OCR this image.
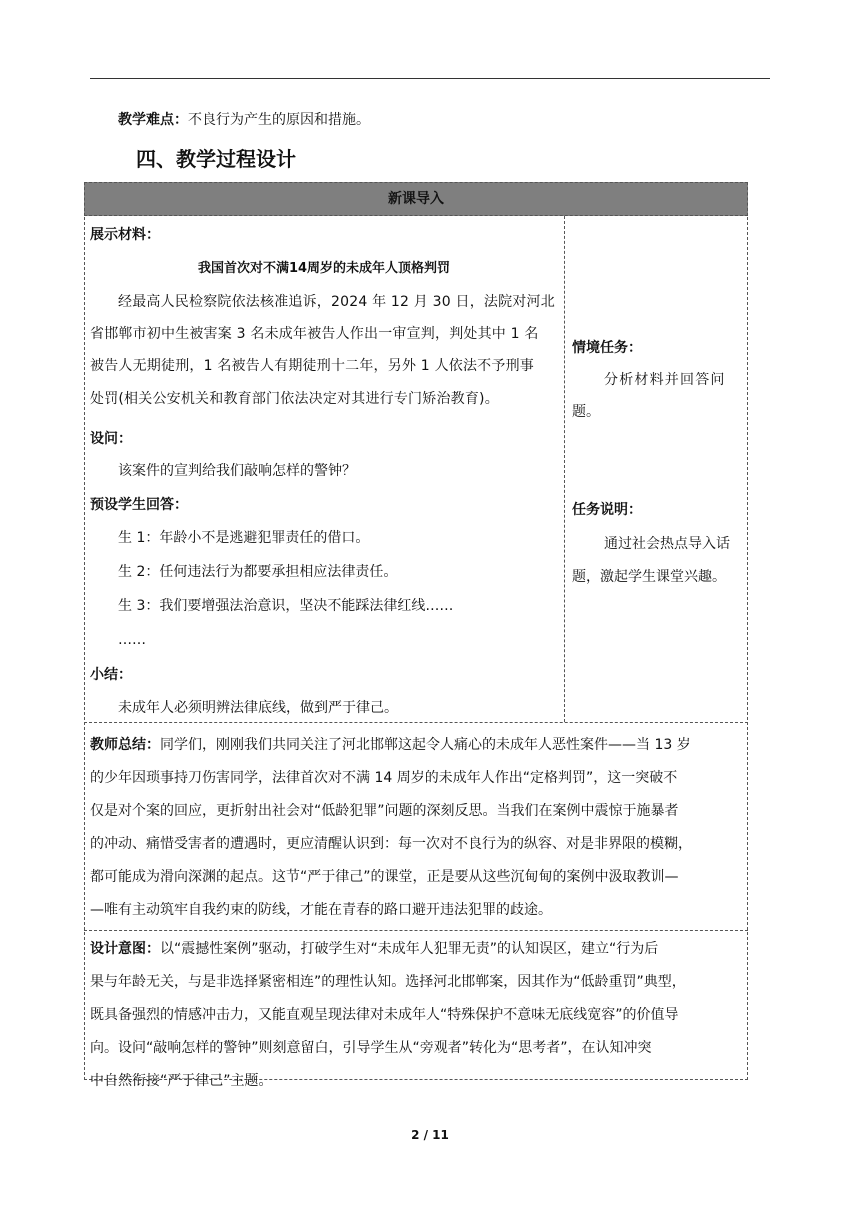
教学难点：不良行为产生的原因和措施。
四、教学过程设计
新课导入
展示材料：
我国首次对不满14周岁的未成年人顶格判罚
经最高人民检察院依法核准追诉，2024 年 12 月 30 日，法院对河北
省邯郸市初中生被害案 3 名未成年被告人作出一审宣判，判处其中 1 名
被告人无期徒刑，1 名被告人有期徒刑十二年，另外 1 人依法不予刑事
处罚(相关公安机关和教育部门依法决定对其进行专门矫治教育)。
设问：
该案件的宣判给我们敲响怎样的警钟？
预设学生回答：
生 1：年龄小不是逃避犯罪责任的借口。
生 2：任何违法行为都要承担相应法律责任。
生 3：我们要增强法治意识，坚决不能踩法律红线……
……
小结：
未成年人必须明辨法律底线，做到严于律己。
情境任务：
分析材料并回答问
题。
任务说明：
通过社会热点导入话
题，激起学生课堂兴趣。
教师总结：同学们，刚刚我们共同关注了河北邯郸这起令人痛心的未成年人恶性案件——当 13 岁
的少年因琐事持刀伤害同学，法律首次对不满 14 周岁的未成年人作出“定格判罚”，这一突破不
仅是对个案的回应，更折射出社会对“低龄犯罪”问题的深刻反思。当我们在案例中震惊于施暴者
的冲动、痛惜受害者的遭遇时，更应清醒认识到：每一次对不良行为的纵容、对是非界限的模糊，
都可能成为滑向深渊的起点。这节“严于律己”的课堂，正是要从这些沉甸甸的案例中汲取教训—
—唯有主动筑牢自我约束的防线，才能在青春的路口避开违法犯罪的歧途。
设计意图：以“震撼性案例”驱动，打破学生对“未成年人犯罪无责”的认知误区，建立“行为后
果与年龄无关，与是非选择紧密相连”的理性认知。选择河北邯郸案，因其作为“低龄重罚”典型，
既具备强烈的情感冲击力，又能直观呈现法律对未成年人“特殊保护不意味无底线宽容”的价值导
向。设问“敲响怎样的警钟”则刻意留白，引导学生从“旁观者”转化为“思考者”，在认知冲突
中自然衔接“严于律己”主题。
2 / 11
